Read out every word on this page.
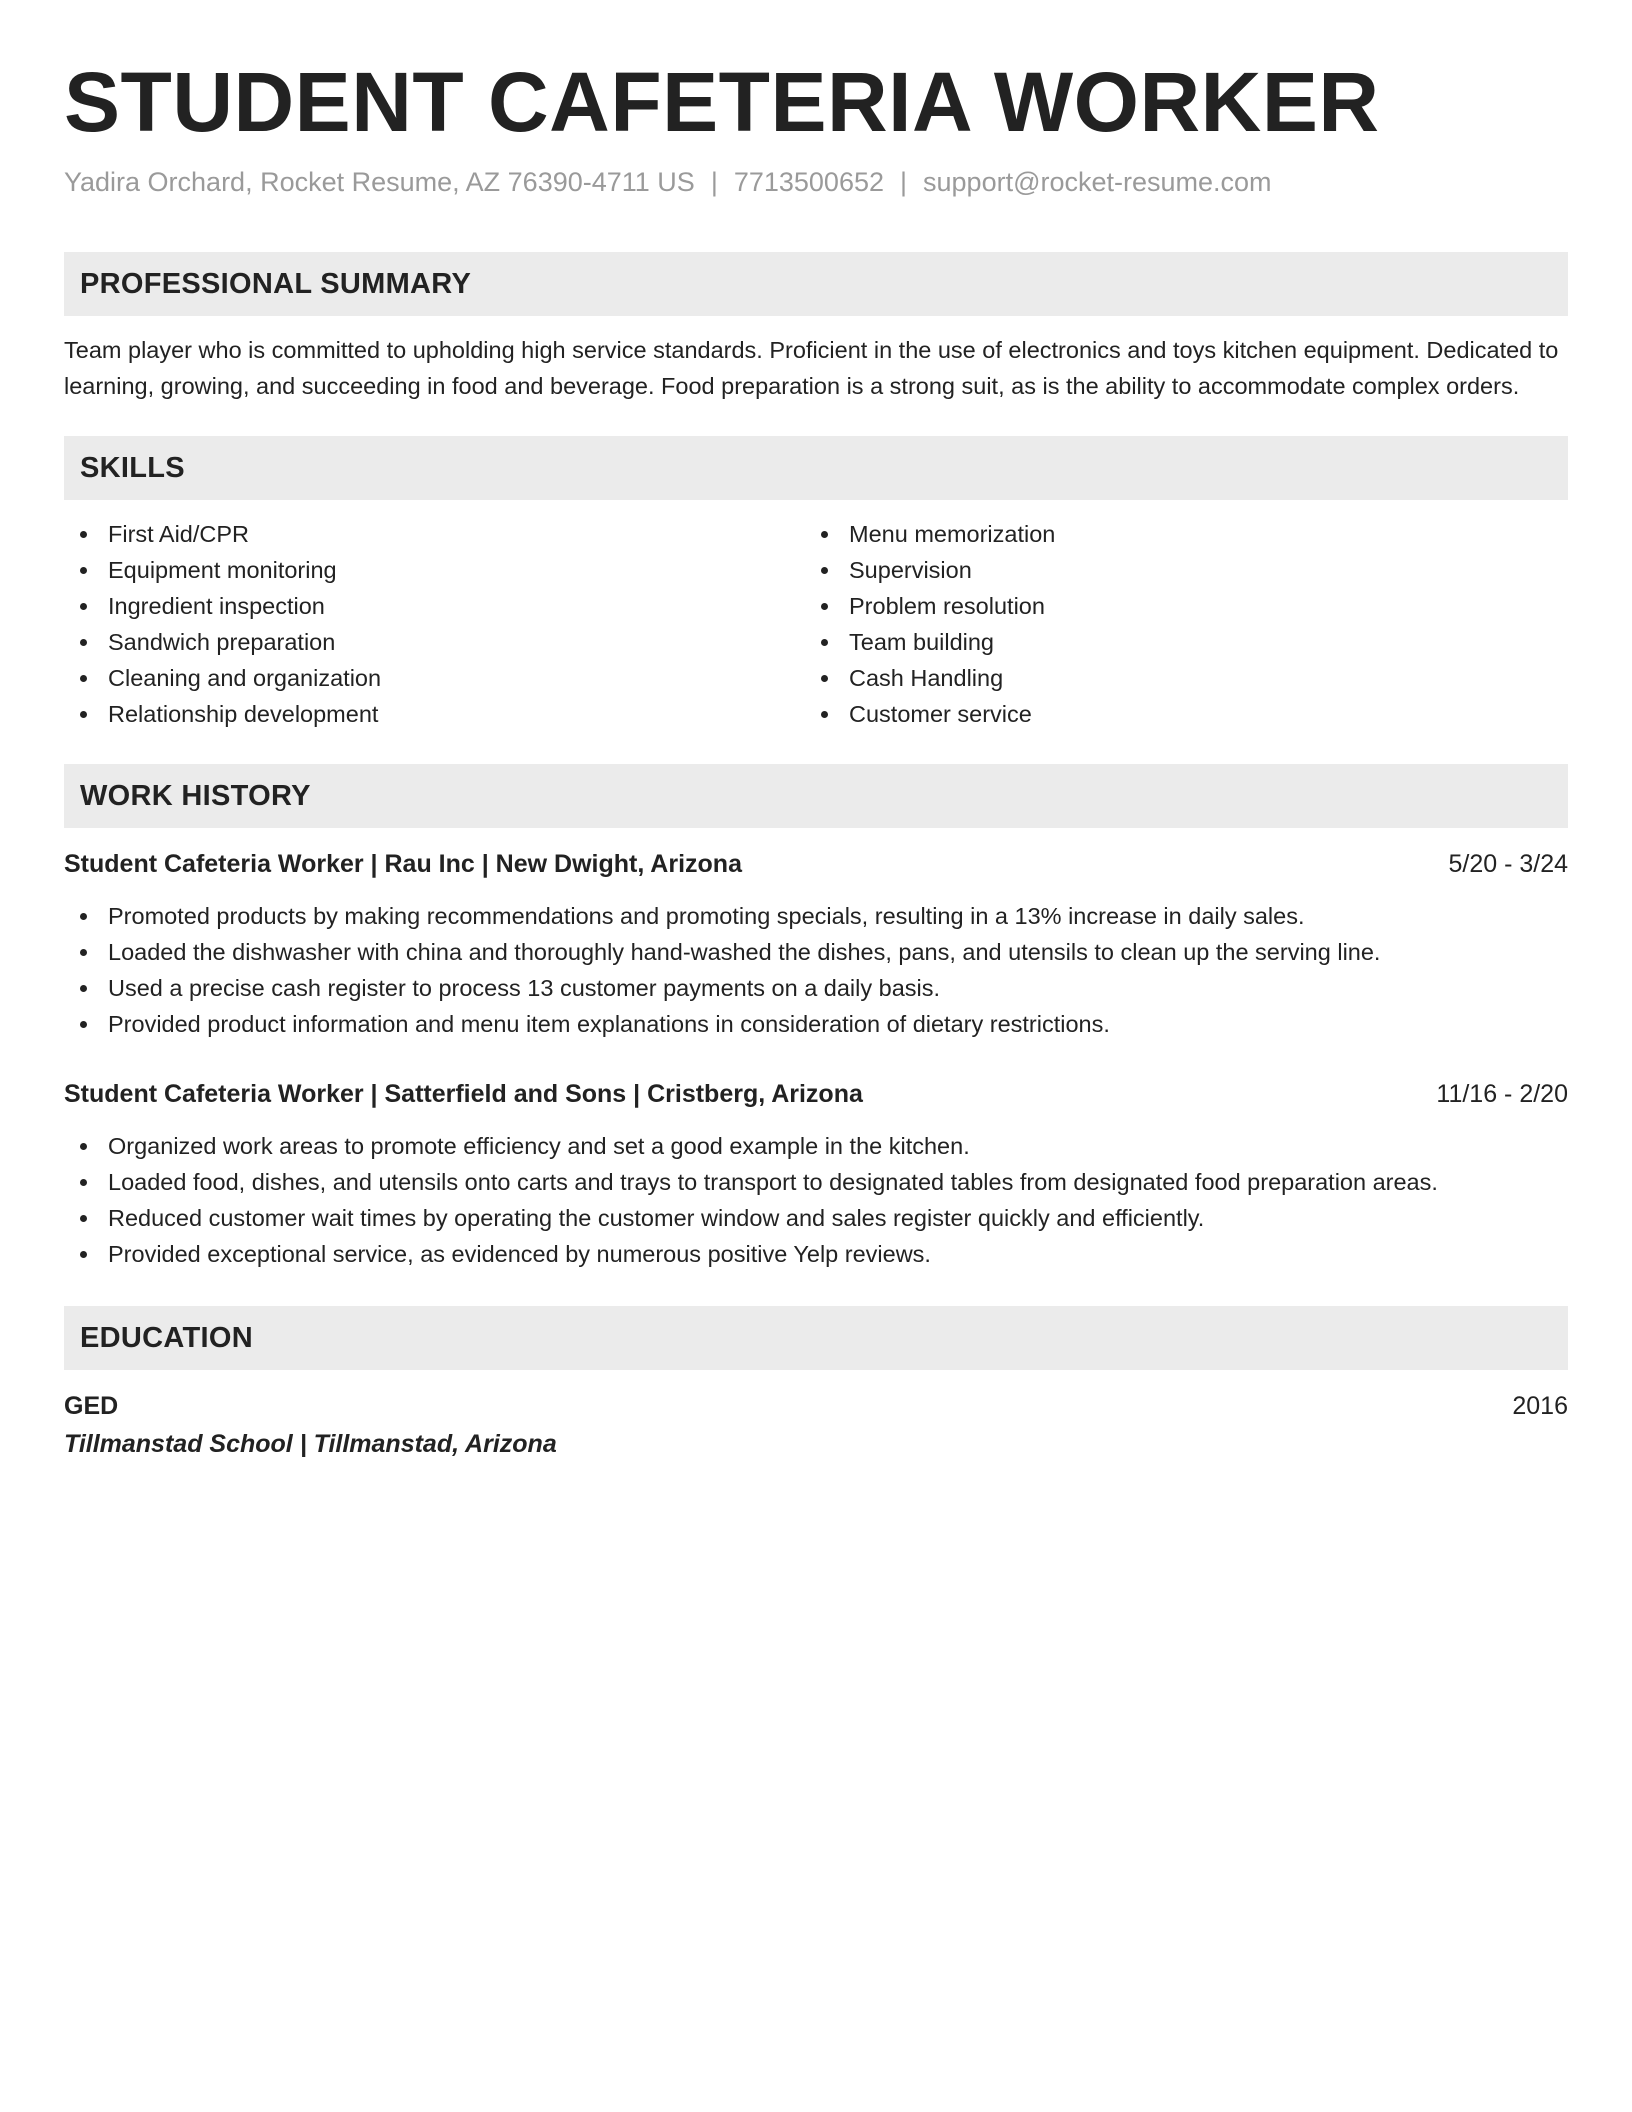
STUDENT CAFETERIA WORKER
Yadira Orchard, Rocket Resume, AZ 76390-4711 US | 7713500652 | support@rocket-resume.com
PROFESSIONAL SUMMARY

Team player who is committed to upholding high service standards. Proficient in the use of electronics and toys kitchen equipment. Dedicated to learning, growing, and succeeding in food and beverage. Food preparation is a strong suit, as is the ability to accommodate complex orders.

SKILLS
First Aid/CPR
Equipment monitoring
Ingredient inspection
Sandwich preparation
Cleaning and organization
Relationship development
Menu memorization
Supervision
Problem resolution
Team building
Cash Handling
Customer service
WORK HISTORY
Student Cafeteria Worker | Rau Inc | New Dwight, Arizona	5/20 - 3/24
Promoted products by making recommendations and promoting specials, resulting in a 13% increase in daily sales.
Loaded the dishwasher with china and thoroughly hand-washed the dishes, pans, and utensils to clean up the serving line.
Used a precise cash register to process 13 customer payments on a daily basis.
Provided product information and menu item explanations in consideration of dietary restrictions.
Student Cafeteria Worker | Satterfield and Sons | Cristberg, Arizona	11/16 - 2/20
Organized work areas to promote efficiency and set a good example in the kitchen.
Loaded food, dishes, and utensils onto carts and trays to transport to designated tables from designated food preparation areas.
Reduced customer wait times by operating the customer window and sales register quickly and efficiently.
Provided exceptional service, as evidenced by numerous positive Yelp reviews.
EDUCATION
GED	2016
Tillmanstad School | Tillmanstad, Arizona
